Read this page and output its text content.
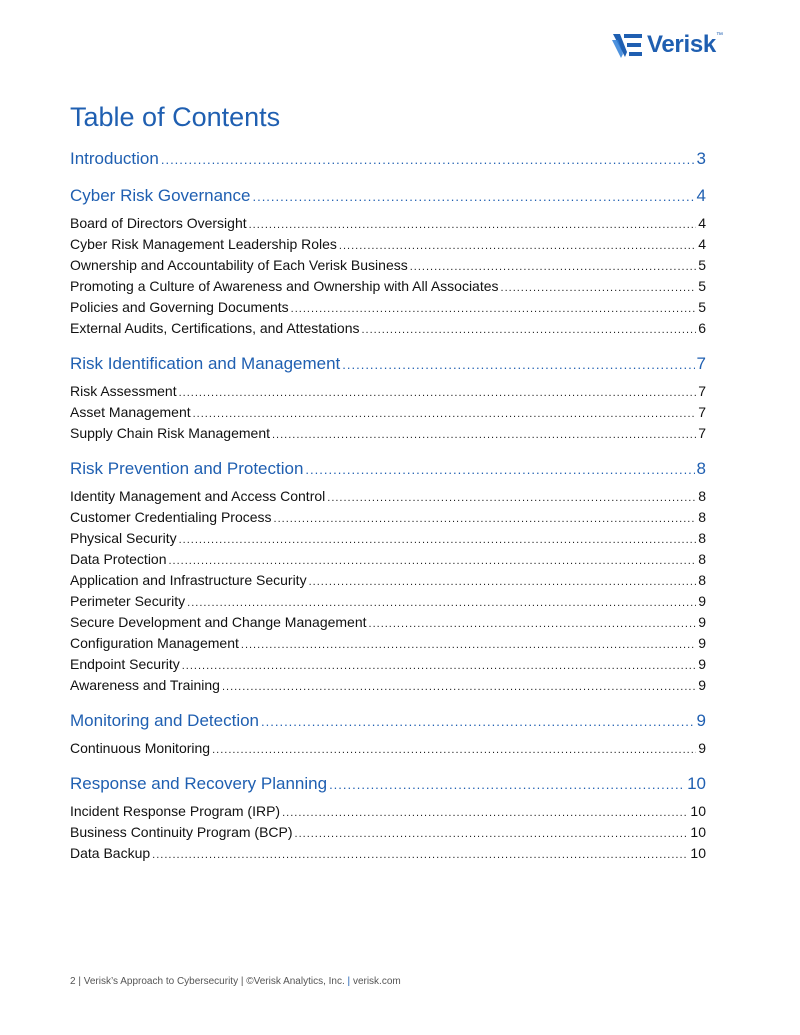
Verisk ™
Table of Contents
Introduction .....	3
Cyber Risk Governance .....	4
Board of Directors Oversight .....	4
Cyber Risk Management Leadership Roles .....	4
Ownership and Accountability of Each Verisk Business .....	5
Promoting a Culture of Awareness and Ownership with All Associates .....	5
Policies and Governing Documents .....	5
External Audits, Certifications, and Attestations .....	6
Risk Identification and Management .....	7
Risk Assessment .....	7
Asset Management .....	7
Supply Chain Risk Management .....	7
Risk Prevention and Protection .....	8
Identity Management and Access Control .....	8
Customer Credentialing Process .....	8
Physical Security .....	8
Data Protection .....	8
Application and Infrastructure Security .....	8
Perimeter Security .....	9
Secure Development and Change Management .....	9
Configuration Management .....	9
Endpoint Security .....	9
Awareness and Training .....	9
Monitoring and Detection .....	9
Continuous Monitoring .....	9
Response and Recovery Planning .....	10
Incident Response Program (IRP) .....	10
Business Continuity Program (BCP) .....	10
Data Backup .....	10
2 | Verisk’s Approach to Cybersecurity | ©Verisk Analytics, Inc. | verisk.com
